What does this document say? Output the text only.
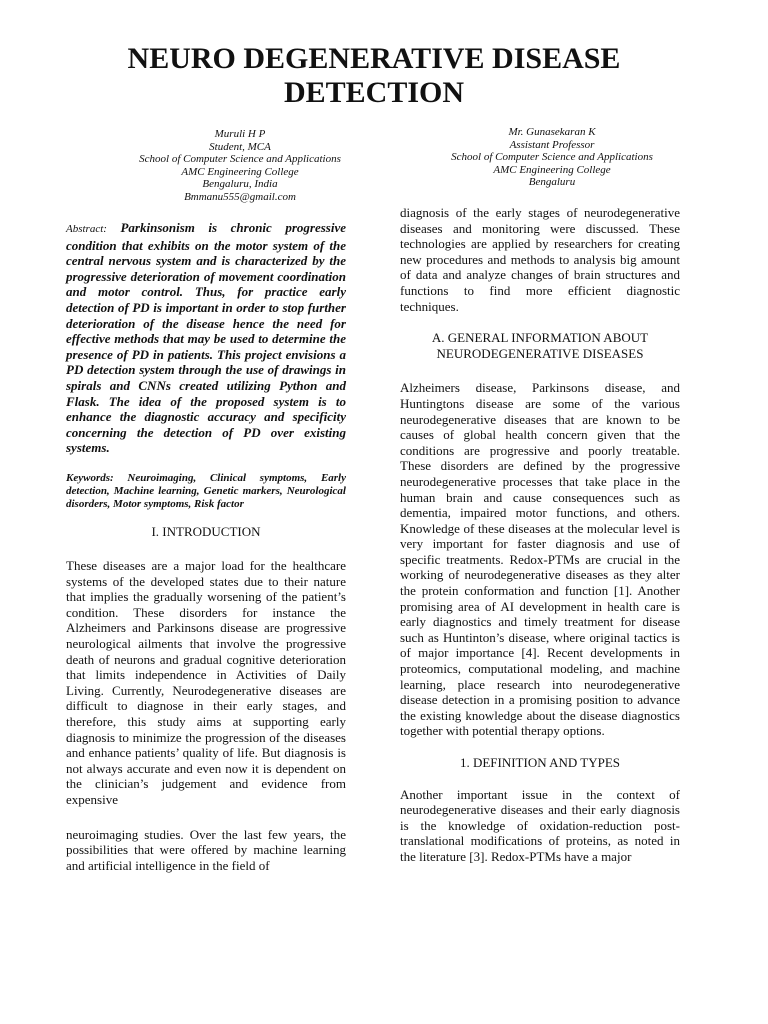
NEURO DEGENERATIVE DISEASE DETECTION
Muruli H P
Student, MCA
School of Computer Science and Applications
AMC Engineering College
Bengaluru, India
Bmmanu555@gmail.com
Mr. Gunasekaran K
Assistant Professor
School of Computer Science and Applications
AMC Engineering College
Bengaluru

Abstract: Parkinsonism is chronic progressive condition that exhibits on the motor system of the central nervous system and is characterized by the progressive deterioration of movement coordination and motor control. Thus, for practice early detection of PD is important in order to stop further deterioration of the disease hence the need for effective methods that may be used to determine the presence of PD in patients. This project envisions a PD detection system through the use of drawings in spirals and CNNs created utilizing Python and Flask. The idea of the proposed system is to enhance the diagnostic accuracy and specificity concerning the detection of PD over existing systems.

Keywords: Neuroimaging, Clinical symptoms, Early detection, Machine learning, Genetic markers, Neurological disorders, Motor symptoms, Risk factor

I. INTRODUCTION

These diseases are a major load for the healthcare systems of the developed states due to their nature that implies the gradually worsening of the patient’s condition. These disorders for instance the Alzheimers and Parkinsons disease are progressive neurological ailments that involve the progressive death of neurons and gradual cognitive deterioration that limits independence in Activities of Daily Living. Currently, Neurodegenerative diseases are difficult to diagnose in their early stages, and therefore, this study aims at supporting early diagnosis to minimize the progression of the diseases and enhance patients’ quality of life. But diagnosis is not always accurate and even now it is dependent on the clinician’s judgement and evidence from expensive

neuroimaging studies. Over the last few years, the possibilities that were offered by machine learning and artificial intelligence in the field of

diagnosis of the early stages of neurodegenerative diseases and monitoring were discussed. These technologies are applied by researchers for creating new procedures and methods to analysis big amount of data and analyze changes of brain structures and functions to find more efficient diagnostic techniques.

A. GENERAL INFORMATION ABOUT
NEURODEGENERATIVE DISEASES

Alzheimers disease, Parkinsons disease, and Huntingtons disease are some of the various neurodegenerative diseases that are known to be causes of global health concern given that the conditions are progressive and poorly treatable. These disorders are defined by the progressive neurodegenerative processes that take place in the human brain and cause consequences such as dementia, impaired motor functions, and others. Knowledge of these diseases at the molecular level is very important for faster diagnosis and use of specific treatments. Redox-PTMs are crucial in the working of neurodegenerative diseases as they alter the protein conformation and function [1]. Another promising area of AI development in health care is early diagnostics and timely treatment for disease such as Huntinton’s disease, where original tactics is of major importance [4]. Recent developments in proteomics, computational modeling, and machine learning, place research into neurodegenerative disease detection in a promising position to advance the existing knowledge about the disease diagnostics together with potential therapy options.

1. DEFINITION AND TYPES

Another important issue in the context of neurodegenerative diseases and their early diagnosis is the knowledge of oxidation-reduction post-translational modifications of proteins, as noted in the literature [3]. Redox-PTMs have a major
